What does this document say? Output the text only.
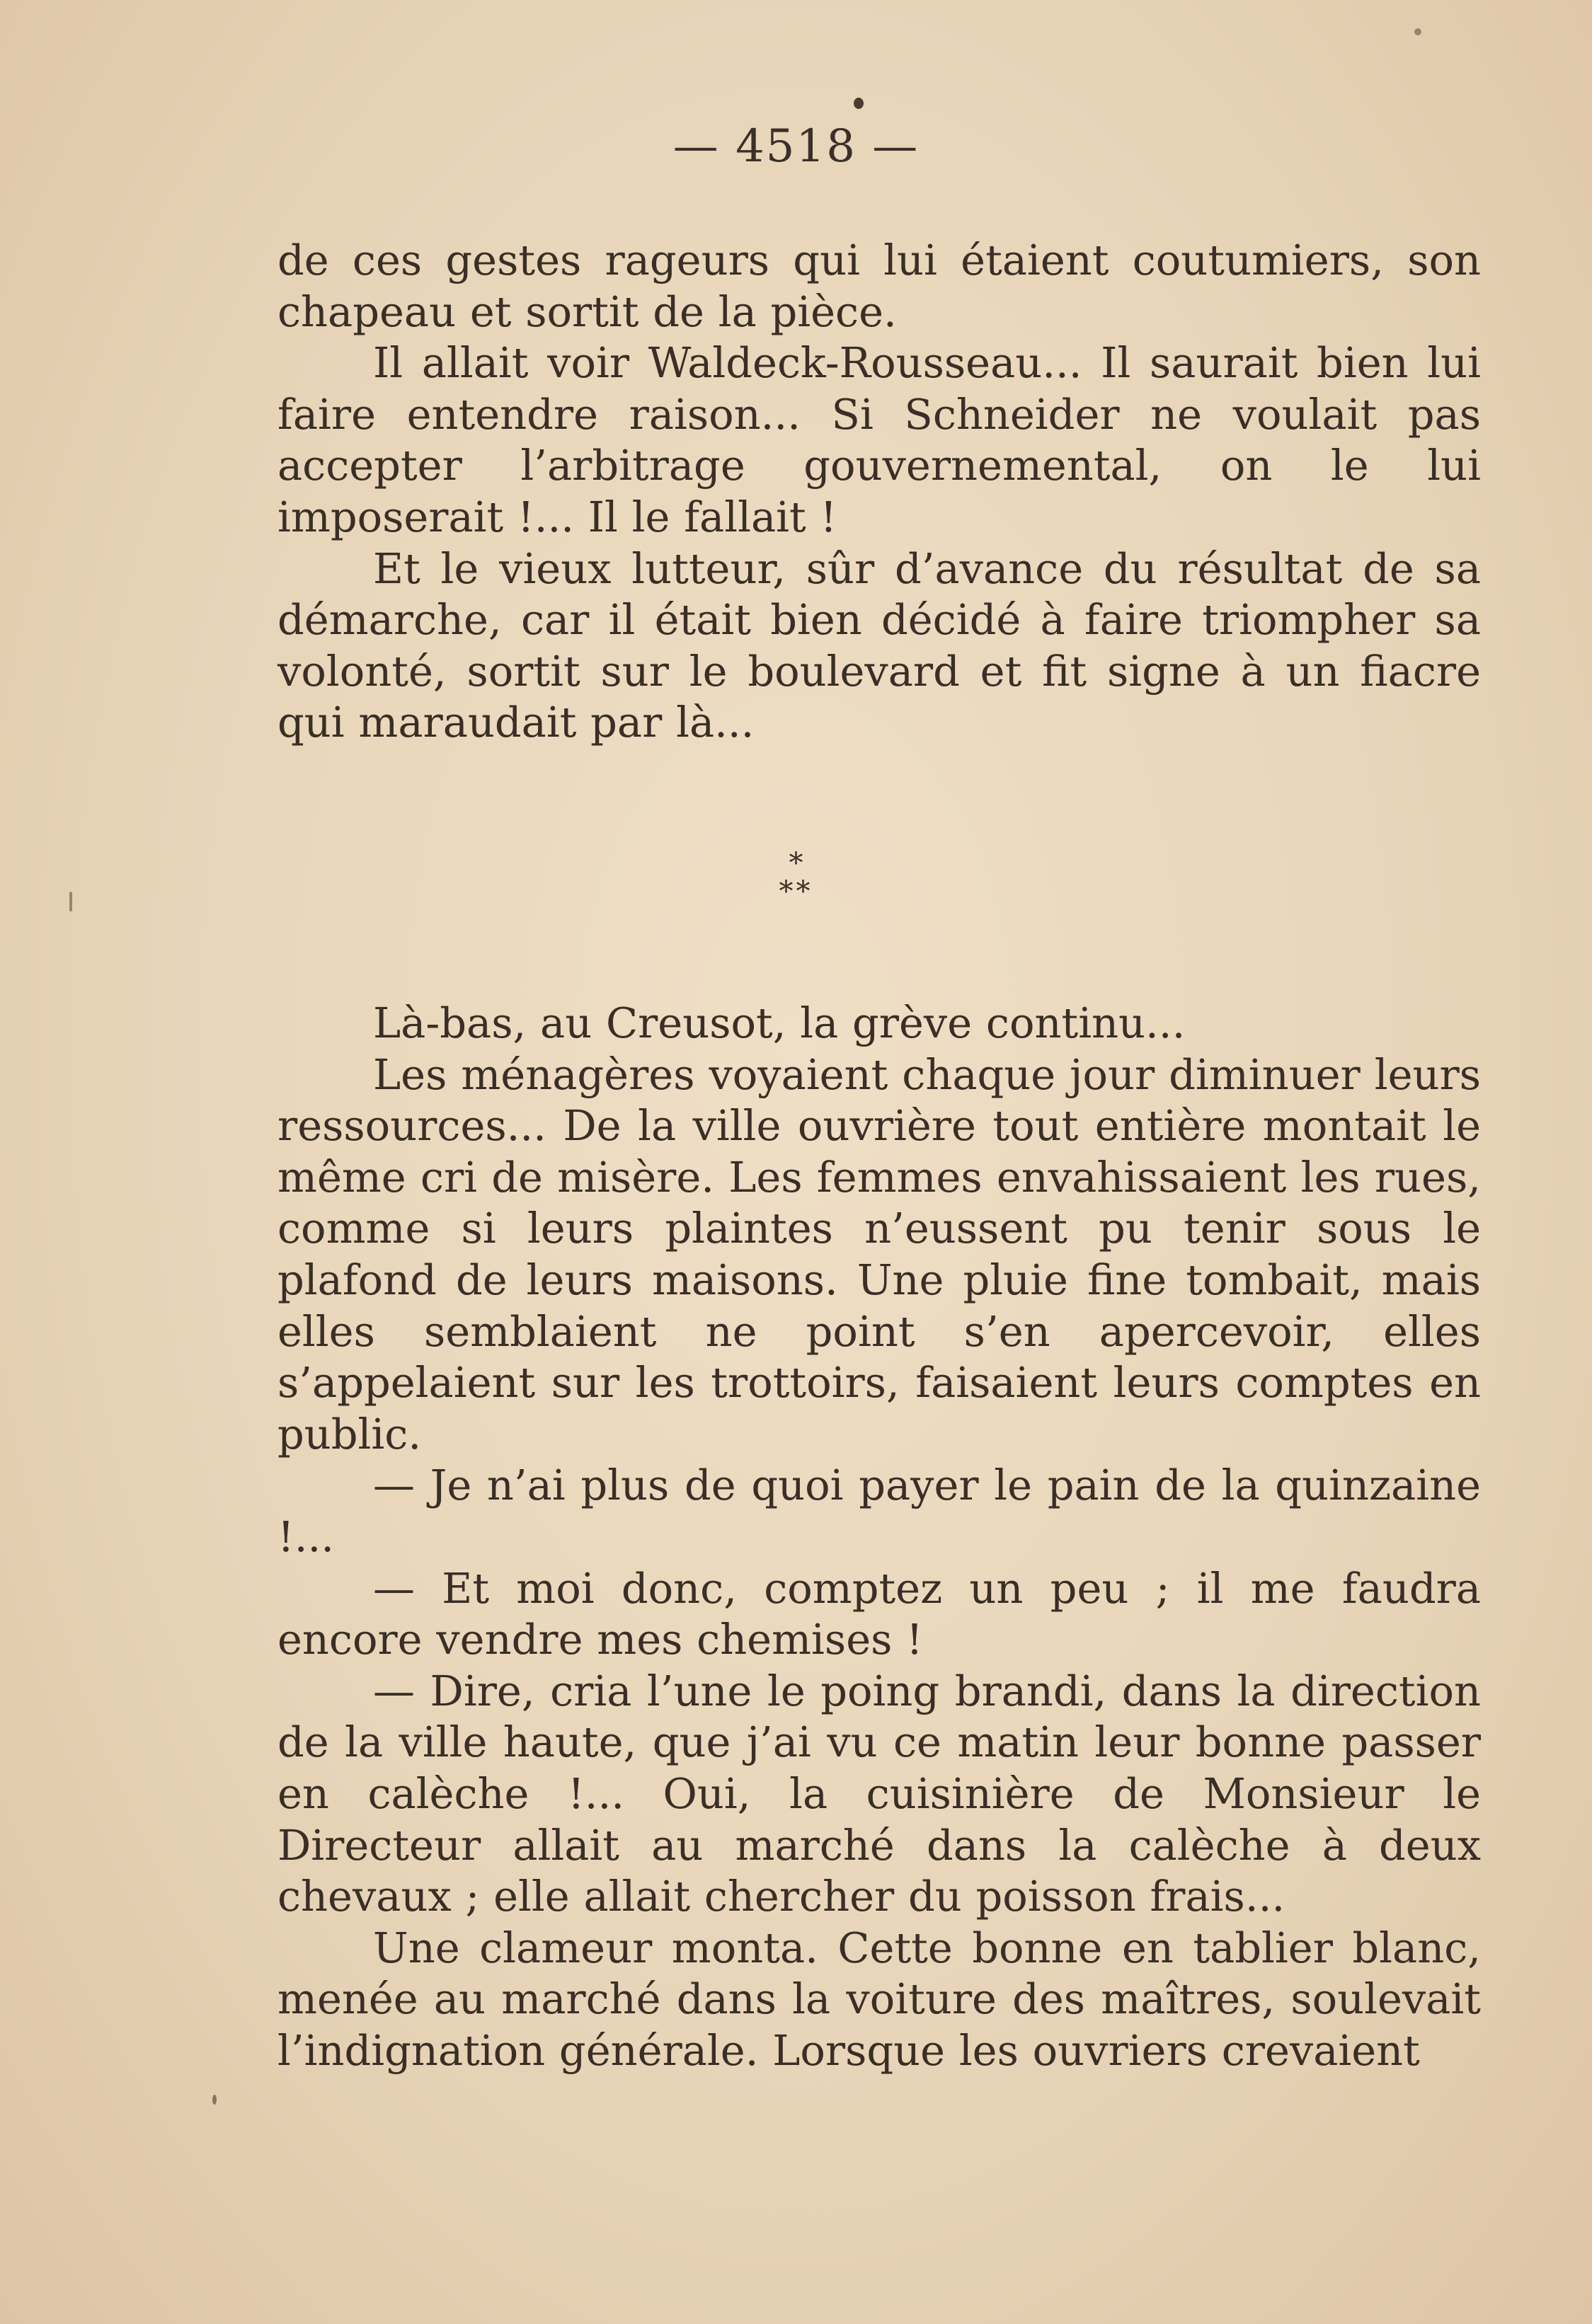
— 4518 —

de ces gestes rageurs qui lui étaient coutumiers, son chapeau et sortit de la pièce.

Il allait voir Waldeck-Rousseau... Il saurait bien lui faire entendre raison... Si Schneider ne voulait pas accepter l’arbitrage gouvernemental, on le lui imposerait !... Il le fallait !

Et le vieux lutteur, sûr d’avance du résultat de sa démarche, car il était bien décidé à faire triompher sa volonté, sortit sur le boulevard et fit signe à un fiacre qui maraudait par là...

*
**

Là-bas, au Creusot, la grève continu...

Les ménagères voyaient chaque jour diminuer leurs ressources... De la ville ouvrière tout entière montait le même cri de misère. Les femmes envahissaient les rues, comme si leurs plaintes n’eussent pu tenir sous le plafond de leurs maisons. Une pluie fine tombait, mais elles semblaient ne point s’en apercevoir, elles s’appelaient sur les trottoirs, faisaient leurs comptes en public.

— Je n’ai plus de quoi payer le pain de la quinzaine !...

— Et moi donc, comptez un peu ; il me faudra encore vendre mes chemises !

— Dire, cria l’une le poing brandi, dans la direction de la ville haute, que j’ai vu ce matin leur bonne passer en calèche !... Oui, la cuisinière de Monsieur le Directeur allait au marché dans la calèche à deux chevaux ; elle allait chercher du poisson frais...

Une clameur monta. Cette bonne en tablier blanc, menée au marché dans la voiture des maîtres, soulevait l’indignation générale. Lorsque les ouvriers crevaient
